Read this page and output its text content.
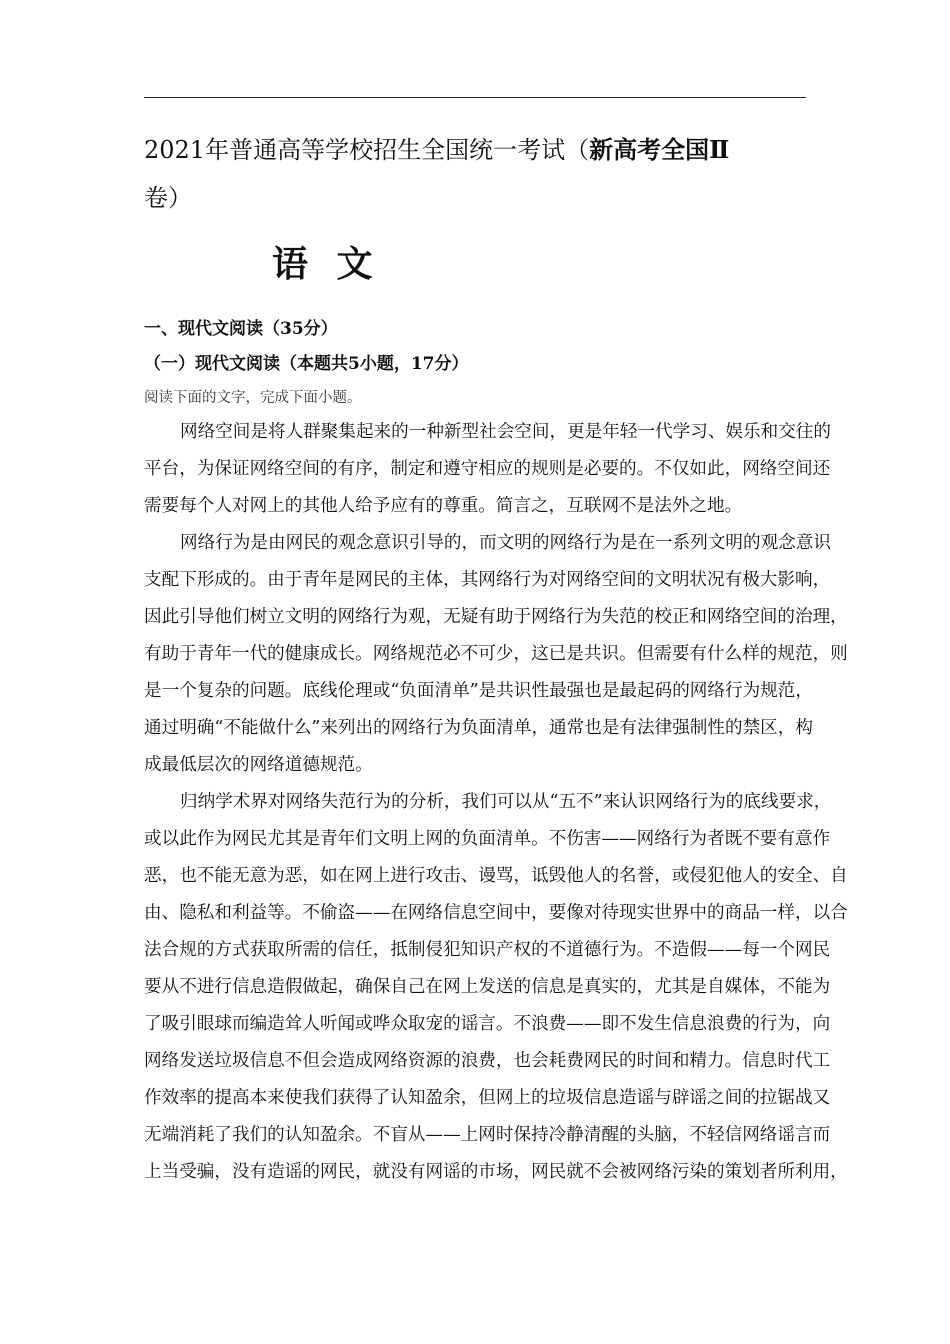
2021年普通高等学校招生全国统一考试（新高考全国Ⅱ
卷）
语 文
一、现代文阅读（35分）
（一）现代文阅读（本题共5小题，17分）
阅读下面的文字，完成下面小题。
网络空间是将人群聚集起来的一种新型社会空间，更是年轻一代学习、娱乐和交往的
平台，为保证网络空间的有序，制定和遵守相应的规则是必要的。不仅如此，网络空间还
需要每个人对网上的其他人给予应有的尊重。简言之，互联网不是法外之地。
网络行为是由网民的观念意识引导的，而文明的网络行为是在一系列文明的观念意识
支配下形成的。由于青年是网民的主体，其网络行为对网络空间的文明状况有极大影响，
因此引导他们树立文明的网络行为观，无疑有助于网络行为失范的校正和网络空间的治理，
有助于青年一代的健康成长。网络规范必不可少，这已是共识。但需要有什么样的规范，则
是一个复杂的问题。底线伦理或“负面清单”是共识性最强也是最起码的网络行为规范，
通过明确“不能做什么”来列出的网络行为负面清单，通常也是有法律强制性的禁区，构
成最低层次的网络道德规范。
归纳学术界对网络失范行为的分析，我们可以从“五不”来认识网络行为的底线要求，
或以此作为网民尤其是青年们文明上网的负面清单。不伤害——网络行为者既不要有意作
恶，也不能无意为恶，如在网上进行攻击、谩骂，诋毁他人的名誉，或侵犯他人的安全、自
由、隐私和利益等。不偷盗——在网络信息空间中，要像对待现实世界中的商品一样，以合
法合规的方式获取所需的信任，抵制侵犯知识产权的不道德行为。不造假——每一个网民
要从不进行信息造假做起，确保自己在网上发送的信息是真实的，尤其是自媒体，不能为
了吸引眼球而编造耸人听闻或哗众取宠的谣言。不浪费——即不发生信息浪费的行为，向
网络发送垃圾信息不但会造成网络资源的浪费，也会耗费网民的时间和精力。信息时代工
作效率的提高本来使我们获得了认知盈余，但网上的垃圾信息造谣与辟谣之间的拉锯战又
无端消耗了我们的认知盈余。不盲从——上网时保持冷静清醒的头脑，不轻信网络谣言而
上当受骗，没有造谣的网民，就没有网谣的市场，网民就不会被网络污染的策划者所利用，
